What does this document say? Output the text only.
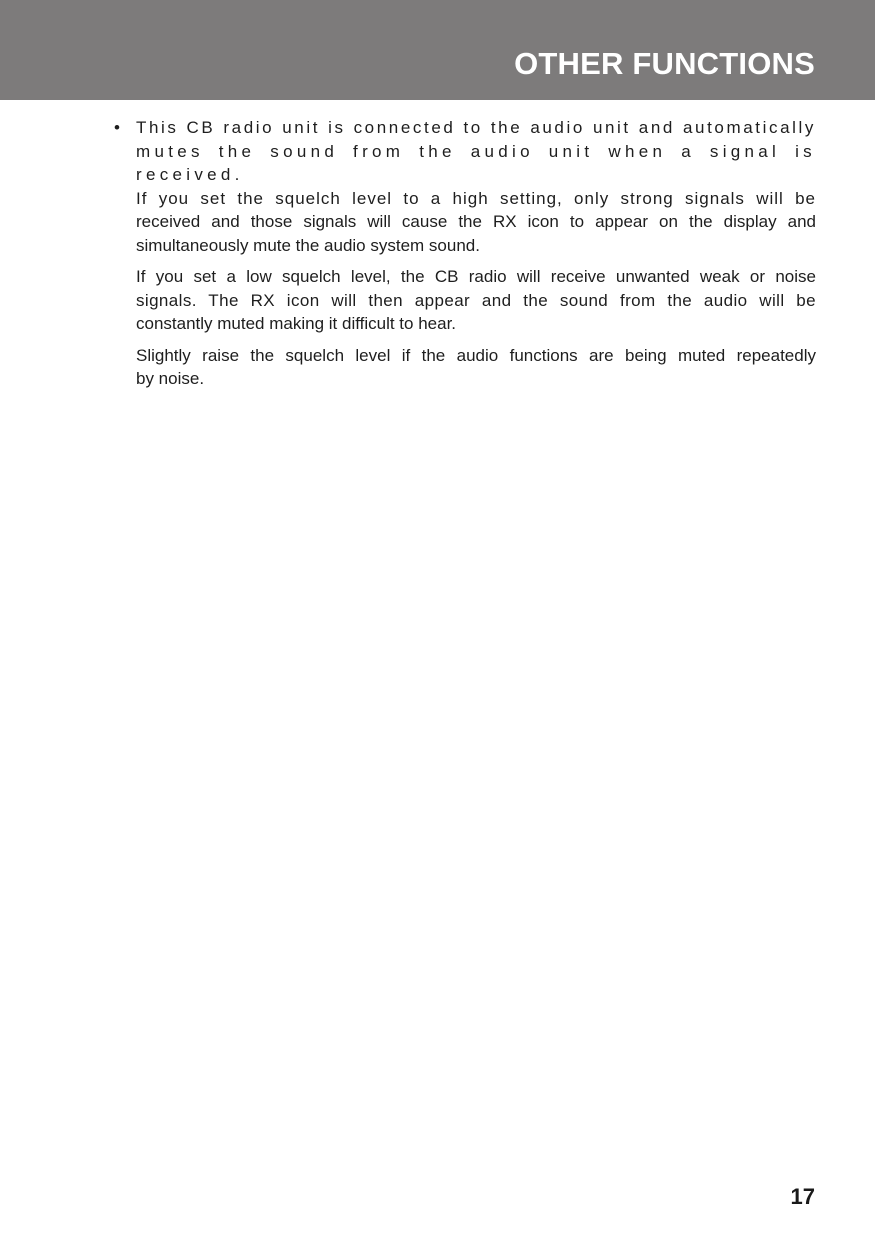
OTHER FUNCTIONS
• This CB radio unit is connected to the audio unit and automatically
mutes the sound from the audio unit when a signal is received.
If you set the squelch level to a high setting, only strong signals will be
received and those signals will cause the RX icon to appear on the display and
simultaneously mute the audio system sound.

If you set a low squelch level, the CB radio will receive unwanted weak or noise
signals. The RX icon will then appear and the sound from the audio will be
constantly muted making it difficult to hear.

Slightly raise the squelch level if the audio functions are being muted repeatedly
by noise.

17
